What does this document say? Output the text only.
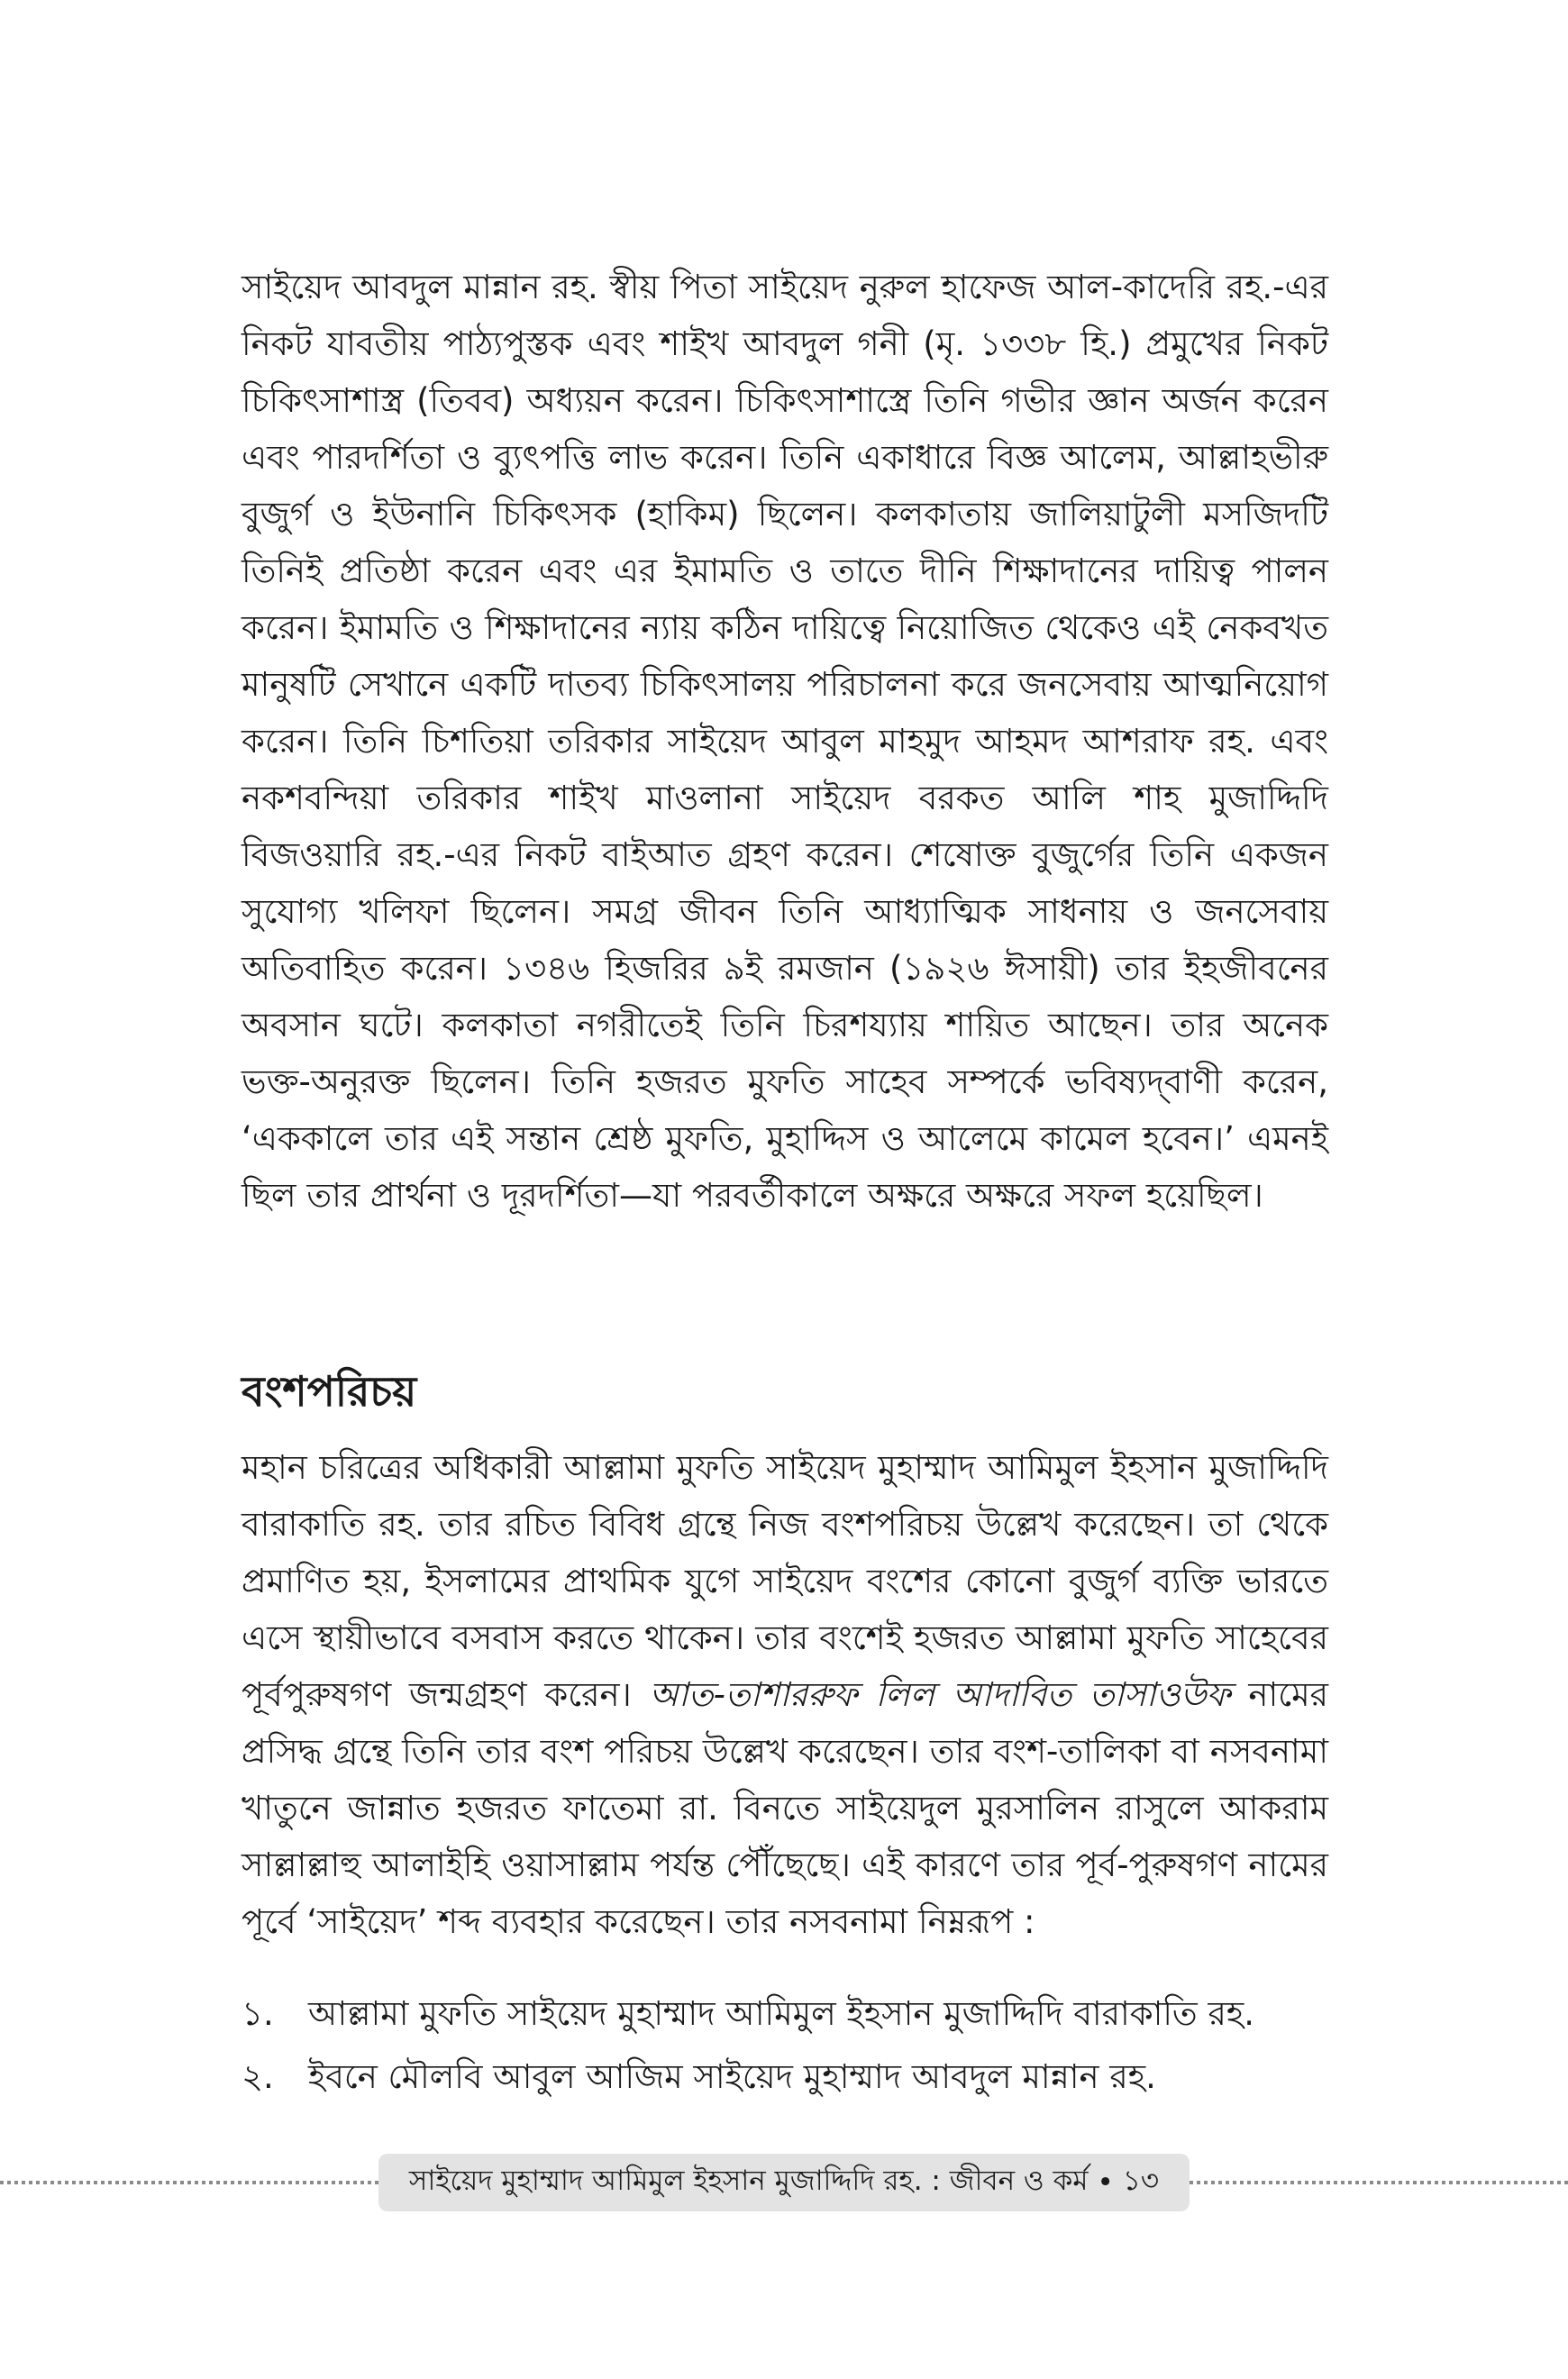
সাইয়েদ আবদুল মান্নান রহ. স্বীয় পিতা সাইয়েদ নুরুল হাফেজ আল-কাদেরি রহ.-এর নিকট যাবতীয় পাঠ্যপুস্তক এবং শাইখ আবদুল গনী (মৃ. ১৩৩৮ হি.) প্রমুখের নিকট চিকিৎসাশাস্ত্র (তিবব) অধ্যয়ন করেন। চিকিৎসাশাস্ত্রে তিনি গভীর জ্ঞান অর্জন করেন এবং পারদর্শিতা ও ব্যুৎপত্তি লাভ করেন। তিনি একাধারে বিজ্ঞ আলেম, আল্লাহভীরু বুজুর্গ ও ইউনানি চিকিৎসক (হাকিম) ছিলেন। কলকাতায় জালিয়াটুলী মসজিদটি তিনিই প্রতিষ্ঠা করেন এবং এর ইমামতি ও তাতে দীনি শিক্ষাদানের দায়িত্ব পালন করেন। ইমামতি ও শিক্ষাদানের ন্যায় কঠিন দায়িত্বে নিয়োজিত থেকেও এই নেকবখত মানুষটি সেখানে একটি দাতব্য চিকিৎসালয় পরিচালনা করে জনসেবায় আত্মনিয়োগ করেন। তিনি চিশতিয়া তরিকার সাইয়েদ আবুল মাহমুদ আহমদ আশরাফ রহ. এবং নকশবন্দিয়া তরিকার শাইখ মাওলানা সাইয়েদ বরকত আলি শাহ মুজাদ্দিদি বিজওয়ারি রহ.-এর নিকট বাইআত গ্রহণ করেন। শেষোক্ত বুজুর্গের তিনি একজন সুযোগ্য খলিফা ছিলেন। সমগ্র জীবন তিনি আধ্যাত্মিক সাধনায় ও জনসেবায় অতিবাহিত করেন। ১৩৪৬ হিজরির ৯ই রমজান (১৯২৬ ঈসায়ী) তার ইহজীবনের অবসান ঘটে। কলকাতা নগরীতেই তিনি চিরশয্যায় শায়িত আছেন। তার অনেক ভক্ত-অনুরক্ত ছিলেন। তিনি হজরত মুফতি সাহেব সম্পর্কে ভবিষ্যদ্‌বাণী করেন, ‘এককালে তার এই সন্তান শ্রেষ্ঠ মুফতি, মুহাদ্দিস ও আলেমে কামেল হবেন।’ এমনই ছিল তার প্রার্থনা ও দূরদর্শিতা—যা পরবর্তীকালে অক্ষরে অক্ষরে সফল হয়েছিল।

বংশপরিচয়

মহান চরিত্রের অধিকারী আল্লামা মুফতি সাইয়েদ মুহাম্মাদ আমিমুল ইহসান মুজাদ্দিদি বারাকাতি রহ. তার রচিত বিবিধ গ্রন্থে নিজ বংশপরিচয় উল্লেখ করেছেন। তা থেকে প্রমাণিত হয়, ইসলামের প্রাথমিক যুগে সাইয়েদ বংশের কোনো বুজুর্গ ব্যক্তি ভারতে এসে স্থায়ীভাবে বসবাস করতে থাকেন। তার বংশেই হজরত আল্লামা মুফতি সাহেবের পূর্বপুরুষগণ জন্মগ্রহণ করেন। আত-তাশাররুফ লিল আদাবিত তাসাওউফ নামের প্রসিদ্ধ গ্রন্থে তিনি তার বংশ পরিচয় উল্লেখ করেছেন। তার বংশ-তালিকা বা নসবনামা খাতুনে জান্নাত হজরত ফাতেমা রা. বিনতে সাইয়েদুল মুরসালিন রাসুলে আকরাম সাল্লাল্লাহু আলাইহি ওয়াসাল্লাম পর্যন্ত পৌঁছেছে। এই কারণে তার পূর্ব-পুরুষগণ নামের পূর্বে ‘সাইয়েদ’ শব্দ ব্যবহার করেছেন। তার নসবনামা নিম্নরূপ :

১.	আল্লামা মুফতি সাইয়েদ মুহাম্মাদ আমিমুল ইহসান মুজাদ্দিদি বারাকাতি রহ.
২.	ইবনে মৌলবি আবুল আজিম সাইয়েদ মুহাম্মাদ আবদুল মান্নান রহ.
সাইয়েদ মুহাম্মাদ আমিমুল ইহসান মুজাদ্দিদি রহ. : জীবন ও কর্ম • ১৩
